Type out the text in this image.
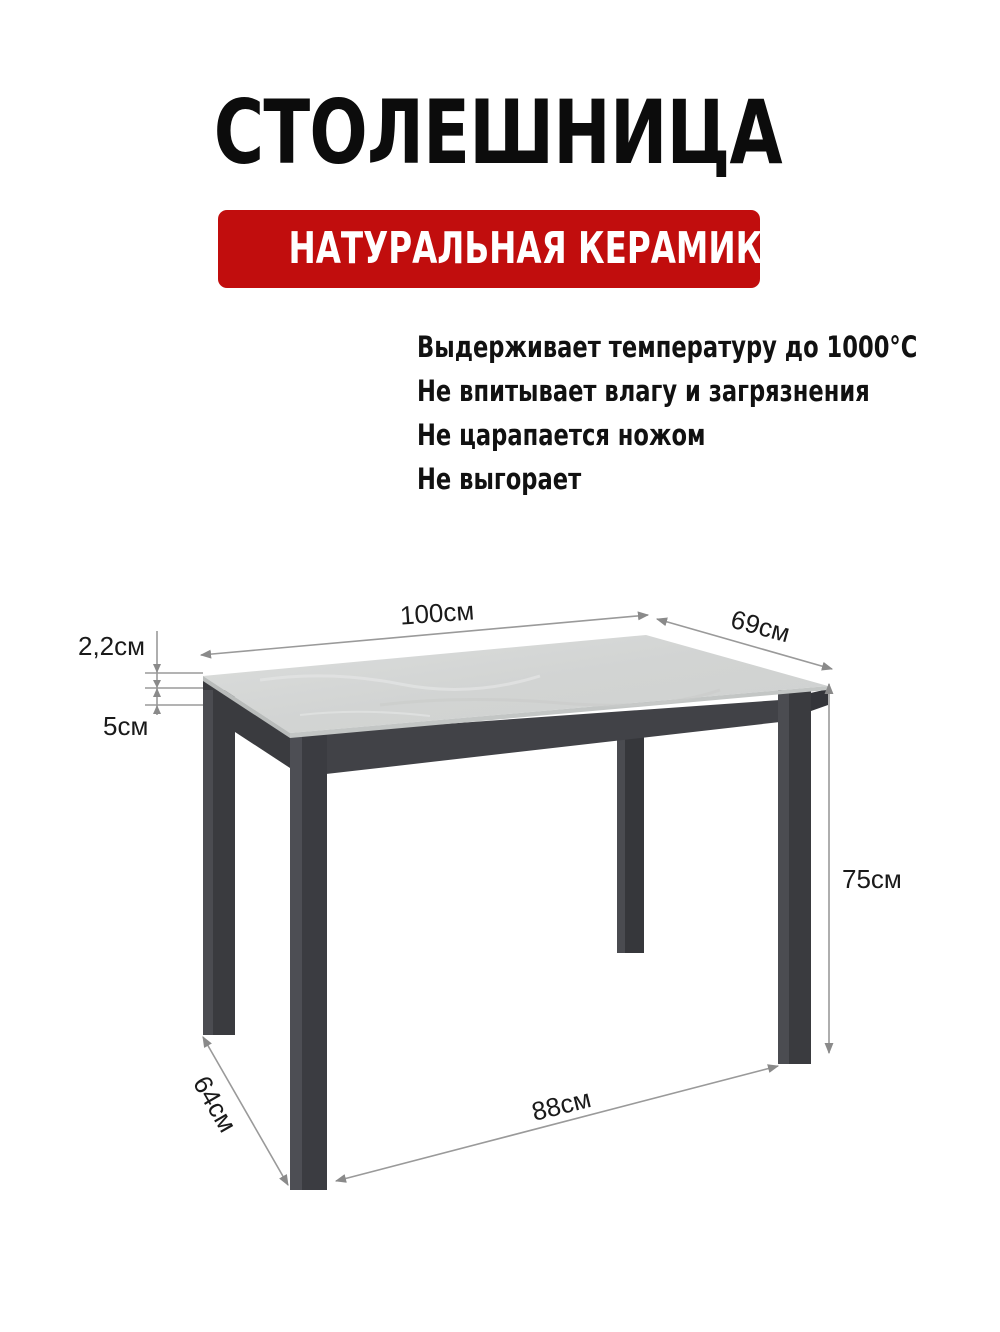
СТОЛЕШНИЦА
НАТУРАЛЬНАЯ КЕРАМИКА
Выдерживает температуру до 1000°С
Не впитывает влагу и загрязнения
Не царапается ножом
Не выгорает
100см	69см
2,2см
5см
75см
88см
64см
